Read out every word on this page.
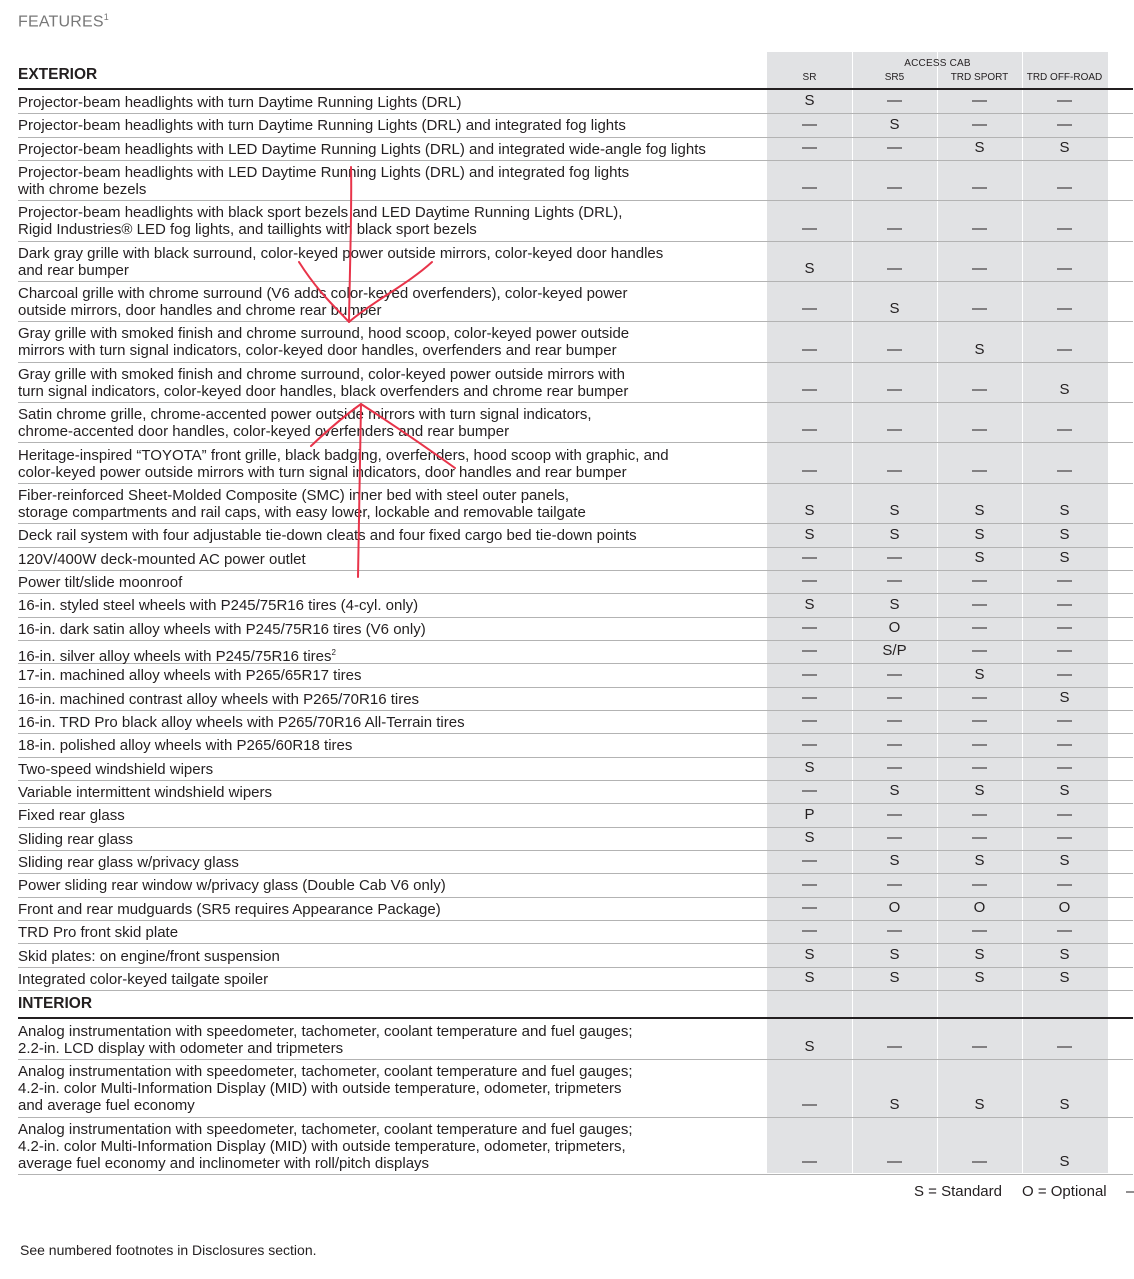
FEATURES$^1$
ACCESS CAB
SR	SR5	TRD SPORT	TRD OFF-ROAD
EXTERIOR
Projector-beam headlights with turn Daytime Running Lights (DRL)	S	—	—	—
Projector-beam headlights with turn Daytime Running Lights (DRL) and integrated fog lights	—	S	—	—
Projector-beam headlights with LED Daytime Running Lights (DRL) and integrated wide-angle fog lights	—	—	S	S
Projector-beam headlights with LED Daytime Running Lights (DRL) and integrated fog lights
with chrome bezels	—	—	—	—
Projector-beam headlights with black sport bezels and LED Daytime Running Lights (DRL),
Rigid Industries® LED fog lights, and taillights with black sport bezels	—	—	—	—
Dark gray grille with black surround, color-keyed power outside mirrors, color-keyed door handles
and rear bumper	S	—	—	—
Charcoal grille with chrome surround (V6 adds color-keyed overfenders), color-keyed power
outside mirrors, door handles and chrome rear bumper	—	S	—	—
Gray grille with smoked finish and chrome surround, hood scoop, color-keyed power outside
mirrors with turn signal indicators, color-keyed door handles, overfenders and rear bumper	—	—	S	—
Gray grille with smoked finish and chrome surround, color-keyed power outside mirrors with
turn signal indicators, color-keyed door handles, black overfenders and chrome rear bumper	—	—	—	S
Satin chrome grille, chrome-accented power outside mirrors with turn signal indicators,
chrome-accented door handles, color-keyed overfenders and rear bumper	—	—	—	—
Heritage-inspired “TOYOTA” front grille, black badging, overfenders, hood scoop with graphic, and
color-keyed power outside mirrors with turn signal indicators, door handles and rear bumper	—	—	—	—
Fiber-reinforced Sheet-Molded Composite (SMC) inner bed with steel outer panels,
storage compartments and rail caps, with easy lower, lockable and removable tailgate	S	S	S	S
Deck rail system with four adjustable tie-down cleats and four fixed cargo bed tie-down points	S	S	S	S
120V/400W deck-mounted AC power outlet	—	—	S	S
Power tilt/slide moonroof	—	—	—	—
16-in. styled steel wheels with P245/75R16 tires (4-cyl. only)	S	S	—	—
16-in. dark satin alloy wheels with P245/75R16 tires (V6 only)	—	O	—	—
16-in. silver alloy wheels with P245/75R16 tires$^2$	—	S/P	—	—
17-in. machined alloy wheels with P265/65R17 tires	—	—	S	—
16-in. machined contrast alloy wheels with P265/70R16 tires	—	—	—	S
16-in. TRD Pro black alloy wheels with P265/70R16 All-Terrain tires	—	—	—	—
18-in. polished alloy wheels with P265/60R18 tires	—	—	—	—
Two-speed windshield wipers	S	—	—	—
Variable intermittent windshield wipers	—	S	S	S
Fixed rear glass	P	—	—	—
Sliding rear glass	S	—	—	—
Sliding rear glass w/privacy glass	—	S	S	S
Power sliding rear window w/privacy glass (Double Cab V6 only)	—	—	—	—
Front and rear mudguards (SR5 requires Appearance Package)	—	O	O	O
TRD Pro front skid plate	—	—	—	—
Skid plates: on engine/front suspension	S	S	S	S
Integrated color-keyed tailgate spoiler	S	S	S	S
INTERIOR
Analog instrumentation with speedometer, tachometer, coolant temperature and fuel gauges;
2.2-in. LCD display with odometer and tripmeters	S	—	—	—
Analog instrumentation with speedometer, tachometer, coolant temperature and fuel gauges;
4.2-in. color Multi-Information Display (MID) with outside temperature, odometer, tripmeters
and average fuel economy	—	S	S	S
Analog instrumentation with speedometer, tachometer, coolant temperature and fuel gauges;
4.2-in. color Multi-Information Display (MID) with outside temperature, odometer, tripmeters,
average fuel economy and inclinometer with roll/pitch displays	—	—	—	S
S = Standard O = Optional –
See numbered footnotes in Disclosures section.
